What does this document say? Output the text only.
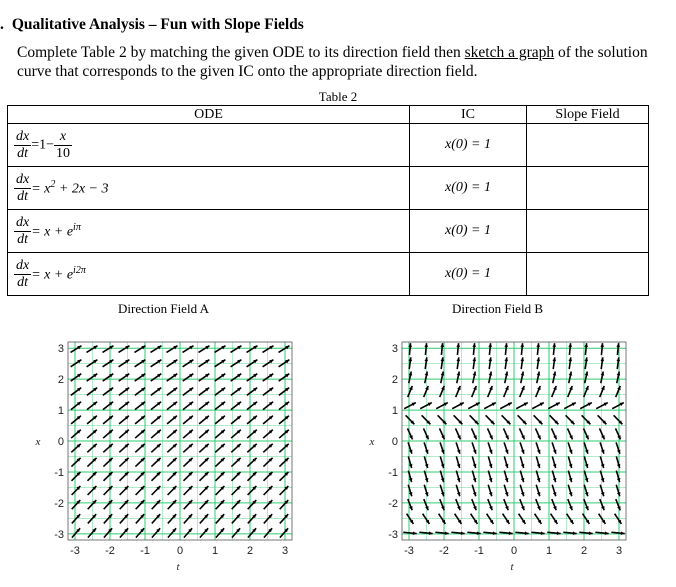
. Qualitative Analysis – Fun with Slope Fields
Complete Table 2 by matching the given ODE to its direction field then sketch a graph of the solution curve that corresponds to the given IC onto the appropriate direction field.
Table 2
ODE	IC	Slope Field

$\frac{dx}{dt} =1- \frac{x}{10}$	x(0) = 1	

$\frac{dx}{dt} = x^2 + 2x - 3$	x(0) = 1	

$\frac{dx}{dt} = x + e^{i\pi}$	x(0) = 1	

$\frac{dx}{dt} = x + e^{i2\pi}$	x(0) = 1	
Direction Field A	Direction Field B
-3
-3
-2
-2
-1
-1
0
0
1
1
2
2
3
3
t
x
-3
-3
-2
-2
-1
-1
0
0
1
1
2
2
3
3
t
x
